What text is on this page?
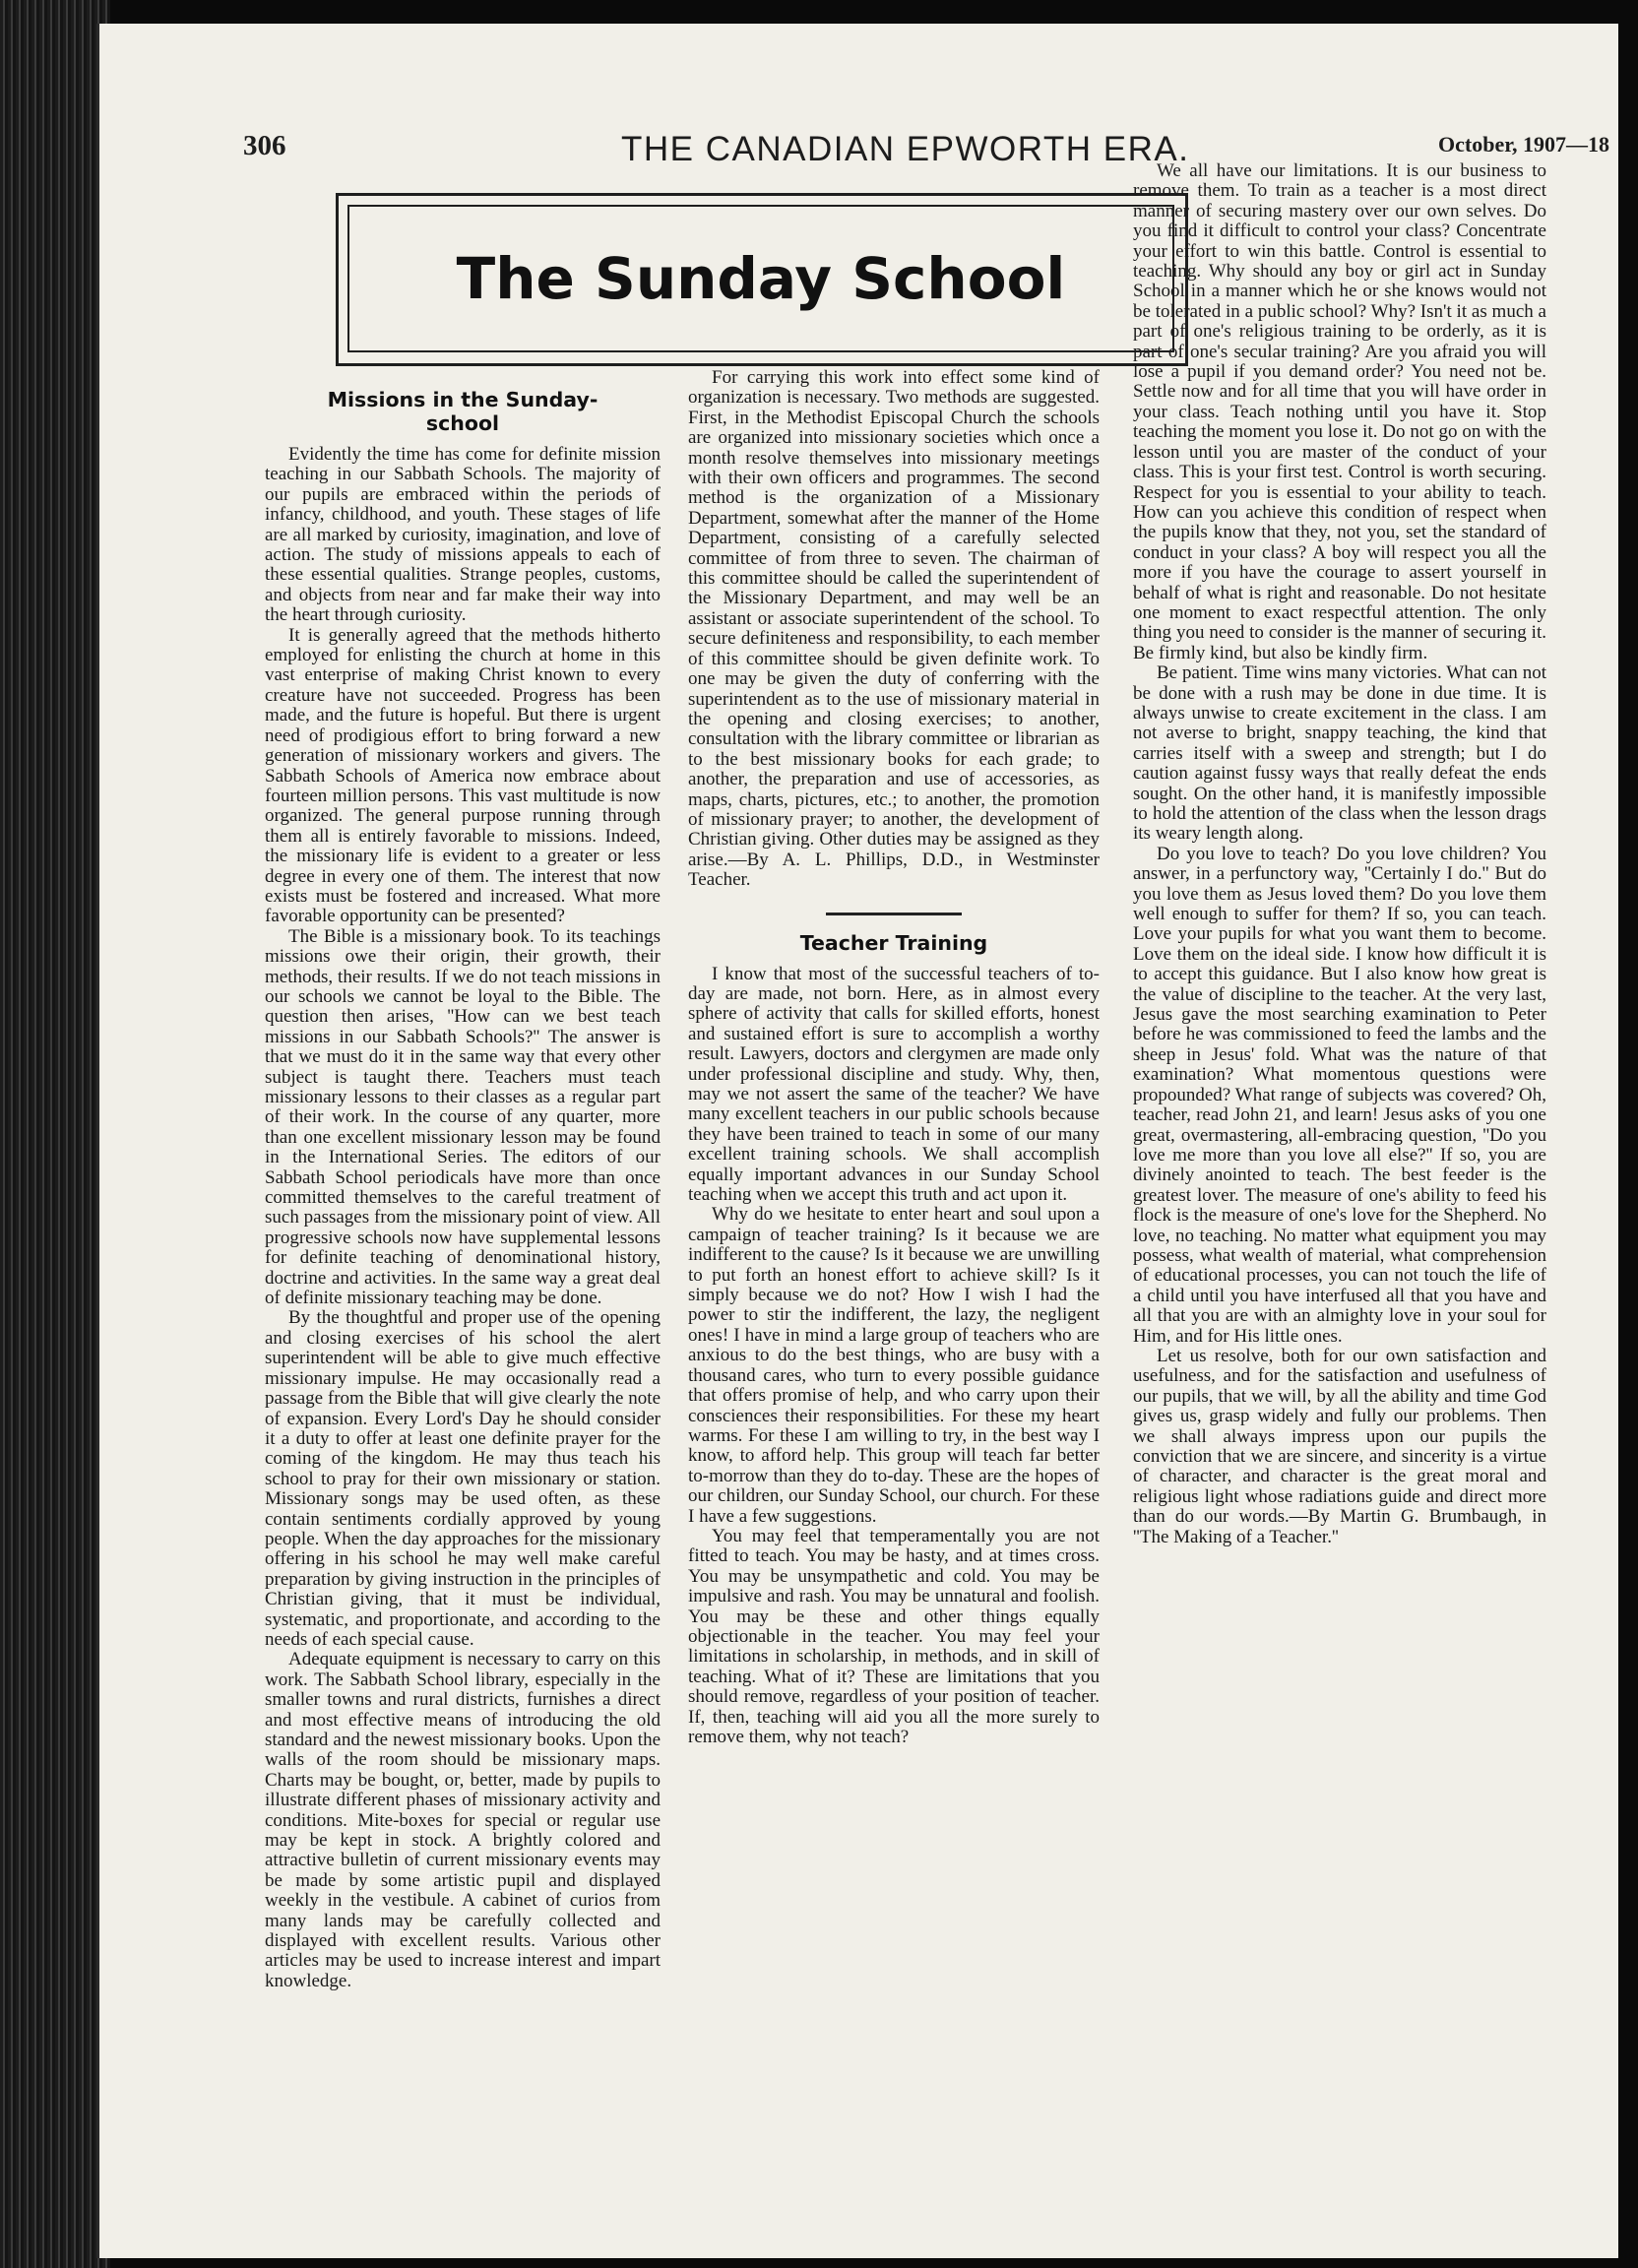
306	THE CANADIAN EPWORTH ERA.	October, 1907—18
The Sunday School
Missions in the Sunday-school

Evidently the time has come for definite mission teaching in our Sabbath Schools. The majority of our pupils are embraced within the periods of infancy, childhood, and youth. These stages of life are all marked by curiosity, imagination, and love of action. The study of missions appeals to each of these essential qualities. Strange peoples, customs, and objects from near and far make their way into the heart through curiosity.

It is generally agreed that the methods hitherto employed for enlisting the church at home in this vast enterprise of making Christ known to every creature have not succeeded. Progress has been made, and the future is hopeful. But there is urgent need of prodigious effort to bring forward a new generation of missionary workers and givers. The Sabbath Schools of America now embrace about fourteen million persons. This vast multitude is now organized. The general purpose running through them all is entirely favorable to missions. Indeed, the missionary life is evident to a greater or less degree in every one of them. The interest that now exists must be fostered and increased. What more favorable opportunity can be presented?

The Bible is a missionary book. To its teachings missions owe their origin, their growth, their methods, their results. If we do not teach missions in our schools we cannot be loyal to the Bible. The question then arises, ''How can we best teach missions in our Sabbath Schools?'' The answer is that we must do it in the same way that every other subject is taught there. Teachers must teach missionary lessons to their classes as a regular part of their work. In the course of any quarter, more than one excellent missionary lesson may be found in the International Series. The editors of our Sabbath School periodicals have more than once committed themselves to the careful treatment of such passages from the missionary point of view. All progressive schools now have supplemental lessons for definite teaching of denominational history, doctrine and activities. In the same way a great deal of definite missionary teaching may be done.

By the thoughtful and proper use of the opening and closing exercises of his school the alert superintendent will be able to give much effective missionary impulse. He may occasionally read a passage from the Bible that will give clearly the note of expansion. Every Lord's Day he should consider it a duty to offer at least one definite prayer for the coming of the kingdom. He may thus teach his school to pray for their own missionary or station. Missionary songs may be used often, as these contain sentiments cordially approved by young people. When the day approaches for the missionary offering in his school he may well make careful preparation by giving instruction in the principles of Christian giving, that it must be individual, systematic, and proportionate, and according to the needs of each special cause.

Adequate equipment is necessary to carry on this work. The Sabbath School library, especially in the smaller towns and rural districts, furnishes a direct and most effective means of introducing the old standard and the newest missionary books. Upon the walls of the room should be missionary maps. Charts may be bought, or, better, made by pupils to illustrate different phases of missionary activity and conditions. Mite-boxes for special or regular use may be kept in stock. A brightly colored and attractive bulletin of current missionary events may be made by some artistic pupil and displayed weekly in the vestibule. A cabinet of curios from many lands may be carefully collected and displayed with excellent results. Various other articles may be used to increase interest and impart knowledge.

For carrying this work into effect some kind of organization is necessary. Two methods are suggested. First, in the Methodist Episcopal Church the schools are organized into missionary societies which once a month resolve themselves into missionary meetings with their own officers and programmes. The second method is the organization of a Missionary Department, somewhat after the manner of the Home Department, consisting of a carefully selected committee of from three to seven. The chairman of this committee should be called the superintendent of the Missionary Department, and may well be an assistant or associate superintendent of the school. To secure definiteness and responsibility, to each member of this committee should be given definite work. To one may be given the duty of conferring with the superintendent as to the use of missionary material in the opening and closing exercises; to another, consultation with the library committee or librarian as to the best missionary books for each grade; to another, the preparation and use of accessories, as maps, charts, pictures, etc.; to another, the promotion of missionary prayer; to another, the development of Christian giving. Other duties may be assigned as they arise.—By A. L. Phillips, D.D., in Westminster Teacher.

Teacher Training

I know that most of the successful teachers of to-day are made, not born. Here, as in almost every sphere of activity that calls for skilled efforts, honest and sustained effort is sure to accomplish a worthy result. Lawyers, doctors and clergymen are made only under professional discipline and study. Why, then, may we not assert the same of the teacher? We have many excellent teachers in our public schools because they have been trained to teach in some of our many excellent training schools. We shall accomplish equally important advances in our Sunday School teaching when we accept this truth and act upon it.

Why do we hesitate to enter heart and soul upon a campaign of teacher training? Is it because we are indifferent to the cause? Is it because we are unwilling to put forth an honest effort to achieve skill? Is it simply because we do not? How I wish I had the power to stir the indifferent, the lazy, the negligent ones! I have in mind a large group of teachers who are anxious to do the best things, who are busy with a thousand cares, who turn to every possible guidance that offers promise of help, and who carry upon their consciences their responsibilities. For these my heart warms. For these I am willing to try, in the best way I know, to afford help. This group will teach far better to-morrow than they do to-day. These are the hopes of our children, our Sunday School, our church. For these I have a few suggestions.

You may feel that temperamentally you are not fitted to teach. You may be hasty, and at times cross. You may be unsympathetic and cold. You may be impulsive and rash. You may be unnatural and foolish. You may be these and other things equally objectionable in the teacher. You may feel your limitations in scholarship, in methods, and in skill of teaching. What of it? These are limitations that you should remove, regardless of your position of teacher. If, then, teaching will aid you all the more surely to remove them, why not teach?

We all have our limitations. It is our business to remove them. To train as a teacher is a most direct manner of securing mastery over our own selves. Do you find it difficult to control your class? Concentrate your effort to win this battle. Control is essential to teaching. Why should any boy or girl act in Sunday School in a manner which he or she knows would not be tolerated in a public school? Why? Isn't it as much a part of one's religious training to be orderly, as it is part of one's secular training? Are you afraid you will lose a pupil if you demand order? You need not be. Settle now and for all time that you will have order in your class. Teach nothing until you have it. Stop teaching the moment you lose it. Do not go on with the lesson until you are master of the conduct of your class. This is your first test. Control is worth securing. Respect for you is essential to your ability to teach. How can you achieve this condition of respect when the pupils know that they, not you, set the standard of conduct in your class? A boy will respect you all the more if you have the courage to assert yourself in behalf of what is right and reasonable. Do not hesitate one moment to exact respectful attention. The only thing you need to consider is the manner of securing it. Be firmly kind, but also be kindly firm.

Be patient. Time wins many victories. What can not be done with a rush may be done in due time. It is always unwise to create excitement in the class. I am not averse to bright, snappy teaching, the kind that carries itself with a sweep and strength; but I do caution against fussy ways that really defeat the ends sought. On the other hand, it is manifestly impossible to hold the attention of the class when the lesson drags its weary length along.

Do you love to teach? Do you love children? You answer, in a perfunctory way, ''Certainly I do.'' But do you love them as Jesus loved them? Do you love them well enough to suffer for them? If so, you can teach. Love your pupils for what you want them to become. Love them on the ideal side. I know how difficult it is to accept this guidance. But I also know how great is the value of discipline to the teacher. At the very last, Jesus gave the most searching examination to Peter before he was commissioned to feed the lambs and the sheep in Jesus' fold. What was the nature of that examination? What momentous questions were propounded? What range of subjects was covered? Oh, teacher, read John 21, and learn! Jesus asks of you one great, overmastering, all-embracing question, ''Do you love me more than you love all else?'' If so, you are divinely anointed to teach. The best feeder is the greatest lover. The measure of one's ability to feed his flock is the measure of one's love for the Shepherd. No love, no teaching. No matter what equipment you may possess, what wealth of material, what comprehension of educational processes, you can not touch the life of a child until you have interfused all that you have and all that you are with an almighty love in your soul for Him, and for His little ones.

Let us resolve, both for our own satisfaction and usefulness, and for the satisfaction and usefulness of our pupils, that we will, by all the ability and time God gives us, grasp widely and fully our problems. Then we shall always impress upon our pupils the conviction that we are sincere, and sincerity is a virtue of character, and character is the great moral and religious light whose radiations guide and direct more than do our words.—By Martin G. Brumbaugh, in ''The Making of a Teacher.''
